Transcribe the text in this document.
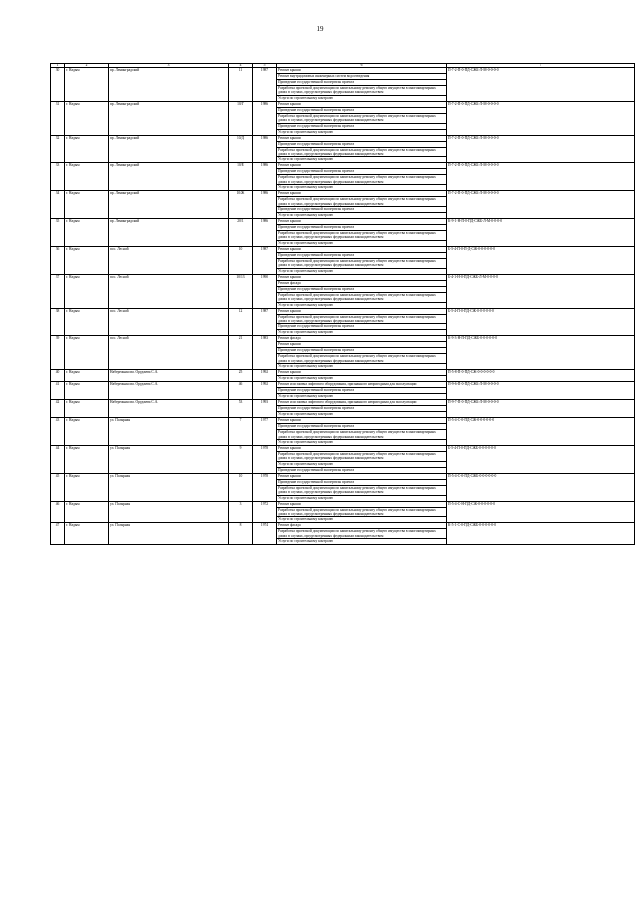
19
1	2	3	4	5	6	7
30	г. Надым	пр. Ленинградский	11	1987	Ремонт крыши	П-7-2-П-0-ПД-СЖБ-Л-М-0-0-0-0
					Ремонт внутридомовых инженерных систем водоотведения	
					Проведение государственной экспертизы проекта	
					Разработка проектной документации по капитальному ремонту общего имущества в многоквартирных домах в случаях, предусмотренных федеральным законодательством	
					Услуги по строительному контролю	
31	г. Надым	пр. Ленинградский	10/Г	1986	Ремонт крыши	П-7-2-П-0-ПД-СЖБ-Л-М-0-0-0-0
					Проведение государственной экспертизы проекта	
					Разработка проектной документации по капитальному ремонту общего имущества в многоквартирных домах в случаях, предусмотренных федеральным законодательством	
					Проведение государственной экспертизы проекта	
					Услуги по строительному контролю	
32	г. Надым	пр. Ленинградский	10/Д	1986	Ремонт крыши	П-7-2-П-0-ПД-СЖБ-Л-М-0-0-0-0
					Проведение государственной экспертизы проекта	
					Разработка проектной документации по капитальному ремонту общего имущества в многоквартирных домах в случаях, предусмотренных федеральным законодательством	
					Услуги по строительному контролю	
33	г. Надым	пр. Ленинградский	10/Е	1986	Ремонт крыши	П-7-2-П-0-ПД-СЖБ-Л-М-0-0-0-0
					Проведение государственной экспертизы проекта	
					Разработка проектной документации по капитальному ремонту общего имущества в многоквартирных домах в случаях, предусмотренных федеральным законодательством	
					Услуги по строительному контролю	
34	г. Надым	пр. Ленинградский	10/Ж	1986	Ремонт крыши	П-7-2-П-0-ПД-СЖБ-Л-М-0-0-0-0
					Разработка проектной документации по капитальному ремонту общего имущества в многоквартирных домах в случаях, предусмотренных федеральным законодательством	
					Проведение государственной экспертизы проекта	
					Услуги по строительному контролю	
35	г. Надым	пр. Ленинградский	20/1	1986	Ремонт крыши	К-9-1-Н-П-0-ПД-СЖБ-Л-М-0-0-0-0
					Проведение государственной экспертизы проекта	
					Разработка проектной документации по капитальному ремонту общего имущества в многоквартирных домах в случаях, предусмотренных федеральным законодательством	
					Услуги по строительному контролю	
36	г. Надым	пос. Лесной	10	1987	Ремонт крыши	Б-5-4-П-0-П-Д-СЖ-0-0-0-0-0-0
					Проведение государственной экспертизы проекта	
					Разработка проектной документации по капитальному ремонту общего имущества в многоквартирных домах в случаях, предусмотренных федеральным законодательством	
					Услуги по строительному контролю	
37	г. Надым	пос. Лесной	10/13	1990	Ремонт крыши	Б-4-1-Н-0-ПД-СЖБ-Л-М-0-0-0-0
					Ремонт фасада	
					Проведение государственной экспертизы проекта	
					Разработка проектной документации по капитальному ремонту общего имущества в многоквартирных домах в случаях, предусмотренных федеральным законодательством	
					Услуги по строительному контролю	
38	г. Надым	пос. Лесной	12	1987	Ремонт крыши	Б-5-4-П-0-ПД-СЖ-0-0-0-0-0-0
					Разработка проектной документации по капитальному ремонту общего имущества в многоквартирных домах в случаях, предусмотренных федеральным законодательством	
					Проведение государственной экспертизы проекта	
					Услуги по строительному контролю	
39	г. Надым	пос. Лесной	21	1983	Ремонт фасада	К-9-3-Н-П-ПД-СЖБ-0-0-0-0-0-0
					Ремонт крыши	
					Проведение государственной экспертизы проекта	
					Разработка проектной документации по капитальному ремонту общего имущества в многоквартирных домах в случаях, предусмотренных федеральным законодательством	
					Услуги по строительному контролю	
40	г. Надым	Набережная им. Оруджева С.А.	25	1992	Ремонт крыши	П-5-8-П-0-ПД-СЖ-0-0-0-0-0-0
					Услуги по строительному контролю	
41	г. Надым	Набережная им. Оруджева С.А.	46	1992	Ремонт или замена лифтового оборудования, признанного непригодным для эксплуатации	П-9-6-П-0-ПД-СЖБ-Л-М-0-0-0-0
					Проведение государственной экспертизы проекта	
					Услуги по строительному контролю	
42	г. Надым	Набережная им. Оруджева С.А.	53	1993	Ремонт или замена лифтового оборудования, признанного непригодным для эксплуатации	П-9-7-П-0-ПД-СЖБ-Л-М-0-0-0-0
					Проведение государственной экспертизы проекта	
					Услуги по строительному контролю	
43	г. Надым	ул. Полярная	7	1977	Ремонт крыши	П-5-4-С-0-ПД-СЖ-0-0-0-0-0-0
					Проведение государственной экспертизы проекта	
					Разработка проектной документации по капитальному ремонту общего имущества в многоквартирных домах в случаях, предусмотренных федеральным законодательством	
					Услуги по строительному контролю	
44	г. Надым	ул. Полярная	9	1978	Ремонт крыши	Б-5-4-П-0-ПД-СЖБ-0-0-0-0-0-0
					Разработка проектной документации по капитальному ремонту общего имущества в многоквартирных домах в случаях, предусмотренных федеральным законодательством	
					Услуги по строительному контролю	
					Проведение государственной экспертизы проекта	
45	г. Надым	ул. Полярная	10	1978	Ремонт крыши	П-5-4-С-0-ПД-СЖБ-0-0-0-0-0-0
					Проведение государственной экспертизы проекта	
					Разработка проектной документации по капитальному ремонту общего имущества в многоквартирных домах в случаях, предусмотренных федеральным законодательством	
					Услуги по строительному контролю	
46	г. Надым	ул. Полярная	3	1972	Ремонт крыши	П-5-4-С-Н-ПД-СЖ-0-0-0-0-0-0
					Разработка проектной документации по капитальному ремонту общего имущества в многоквартирных домах в случаях, предусмотренных федеральным законодательством	
					Услуги по строительному контролю	
47	г. Надым	ул. Полярная	8	1974	Ремонт фасада	К-5-1-С-0-ПД-СЖБ-0-0-0-0-0-0
					Разработка проектной документации по капитальному ремонту общего имущества в многоквартирных домах в случаях, предусмотренных федеральным законодательством	
					Услуги по строительному контролю	
